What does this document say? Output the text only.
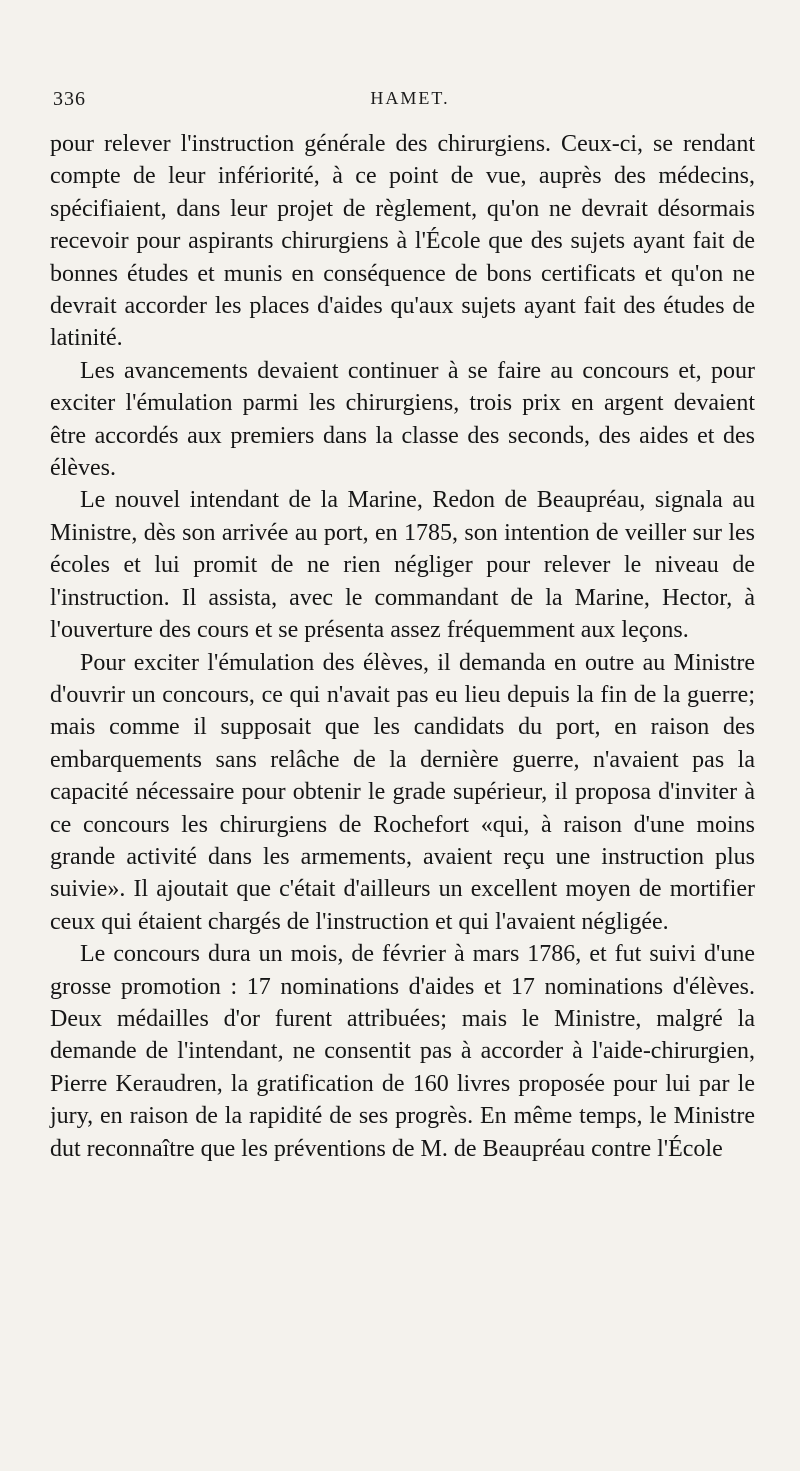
336	HAMET.

pour relever l'instruction générale des chirurgiens. Ceux-ci, se rendant compte de leur infériorité, à ce point de vue, auprès des médecins, spécifiaient, dans leur projet de règlement, qu'on ne devrait désormais recevoir pour aspirants chirurgiens à l'École que des sujets ayant fait de bonnes études et munis en conséquence de bons certificats et qu'on ne devrait accorder les places d'aides qu'aux sujets ayant fait des études de latinité.

Les avancements devaient continuer à se faire au concours et, pour exciter l'émulation parmi les chirurgiens, trois prix en argent devaient être accordés aux premiers dans la classe des seconds, des aides et des élèves.

Le nouvel intendant de la Marine, Redon de Beaupréau, signala au Ministre, dès son arrivée au port, en 1785, son intention de veiller sur les écoles et lui promit de ne rien négliger pour relever le niveau de l'instruction. Il assista, avec le commandant de la Marine, Hector, à l'ouverture des cours et se présenta assez fréquemment aux leçons.

Pour exciter l'émulation des élèves, il demanda en outre au Ministre d'ouvrir un concours, ce qui n'avait pas eu lieu depuis la fin de la guerre; mais comme il supposait que les candidats du port, en raison des embarquements sans relâche de la dernière guerre, n'avaient pas la capacité nécessaire pour obtenir le grade supérieur, il proposa d'inviter à ce concours les chirurgiens de Rochefort «qui, à raison d'une moins grande activité dans les armements, avaient reçu une instruction plus suivie». Il ajoutait que c'était d'ailleurs un excellent moyen de mortifier ceux qui étaient chargés de l'instruction et qui l'avaient négligée.

Le concours dura un mois, de février à mars 1786, et fut suivi d'une grosse promotion : 17 nominations d'aides et 17 nominations d'élèves. Deux médailles d'or furent attribuées; mais le Ministre, malgré la demande de l'intendant, ne consentit pas à accorder à l'aide-chirurgien, Pierre Keraudren, la gratification de 160 livres proposée pour lui par le jury, en raison de la rapidité de ses progrès. En même temps, le Ministre dut reconnaître que les préventions de M. de Beaupréau contre l'École
